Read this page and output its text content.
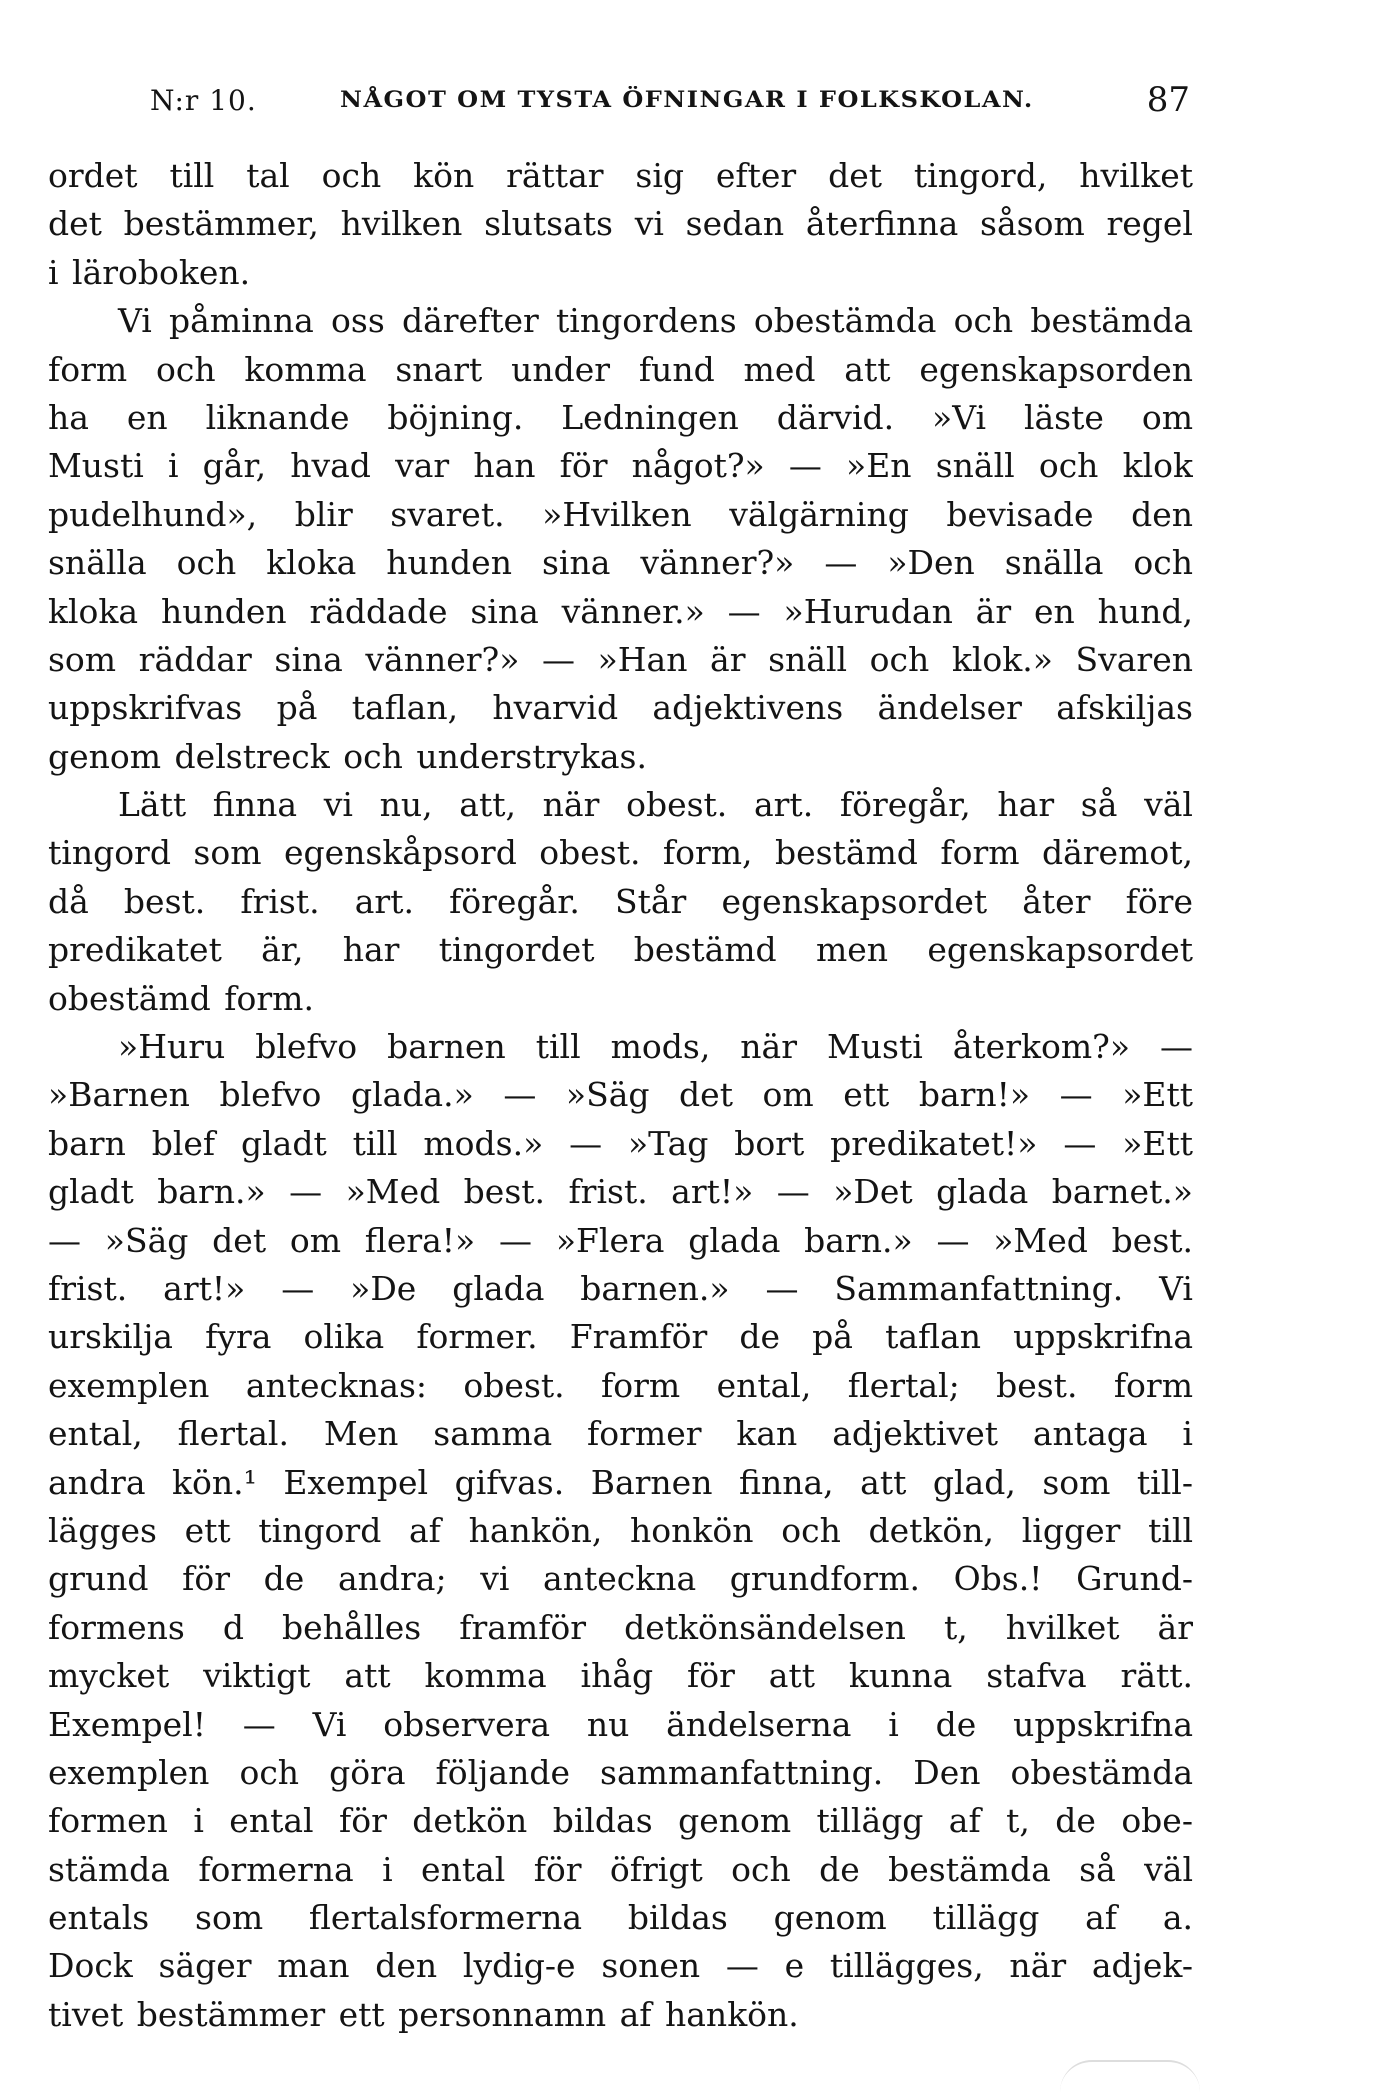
N:r 10.	NÅGOT OM TYSTA ÖFNINGAR I FOLKSKOLAN.	87
ordet till tal och kön rättar sig efter det tingord, hvilket
det bestämmer, hvilken slutsats vi sedan återfinna såsom regel
i läroboken.
Vi påminna oss därefter tingordens obestämda och bestämda
form och komma snart under fund med att egenskapsorden
ha en liknande böjning. Ledningen därvid. »Vi läste om
Musti i går, hvad var han för något?» — »En snäll och klok
pudelhund», blir svaret. »Hvilken välgärning bevisade den
snälla och kloka hunden sina vänner?» — »Den snälla och
kloka hunden räddade sina vänner.» — »Hurudan är en hund,
som räddar sina vänner?» — »Han är snäll och klok.» Svaren
uppskrifvas på taflan, hvarvid adjektivens ändelser afskiljas
genom delstreck och understrykas.
Lätt finna vi nu, att, när obest. art. föregår, har så väl
tingord som egenskåpsord obest. form, bestämd form däremot,
då best. frist. art. föregår. Står egenskapsordet åter före
predikatet är, har tingordet bestämd men egenskapsordet
obestämd form.
»Huru blefvo barnen till mods, när Musti återkom?» —
»Barnen blefvo glada.» — »Säg det om ett barn!» — »Ett
barn blef gladt till mods.» — »Tag bort predikatet!» — »Ett
gladt barn.» — »Med best. frist. art!» — »Det glada barnet.»
— »Säg det om flera!» — »Flera glada barn.» — »Med best.
frist. art!» — »De glada barnen.» — Sammanfattning. Vi
urskilja fyra olika former. Framför de på taflan uppskrifna
exemplen antecknas: obest. form ental, flertal; best. form
ental, flertal. Men samma former kan adjektivet antaga i
andra kön.¹ Exempel gifvas. Barnen finna, att glad, som till-
lägges ett tingord af hankön, honkön och detkön, ligger till
grund för de andra; vi anteckna grundform. Obs.! Grund-
formens d behålles framför detkönsändelsen t, hvilket är
mycket viktigt att komma ihåg för att kunna stafva rätt.
Exempel! — Vi observera nu ändelserna i de uppskrifna
exemplen och göra följande sammanfattning. Den obestämda
formen i ental för detkön bildas genom tillägg af t, de obe-
stämda formerna i ental för öfrigt och de bestämda så väl
entals som flertalsformerna bildas genom tillägg af a.
Dock säger man den lydig-e sonen — e tillägges, när adjek-
tivet bestämmer ett personnamn af hankön.
